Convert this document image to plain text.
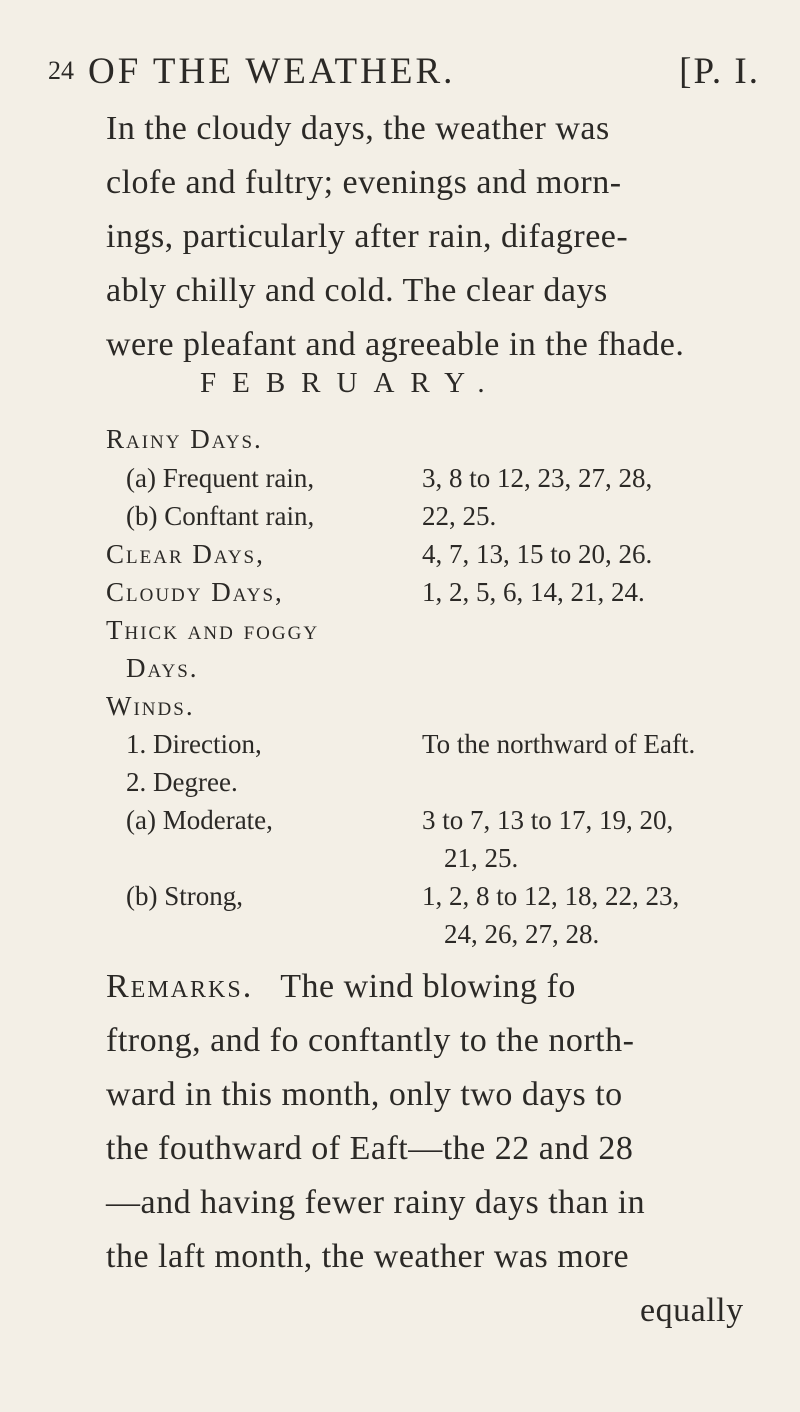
24 OF THE WEATHER.	[P. I.
In the cloudy days, the weather was
clofe and fultry; evenings and morn-
ings, particularly after rain, difagree-
ably chilly and cold. The clear days
were pleafant and agreeable in the fhade.
FEBRUARY.
Rainy Days.
(a) Frequent rain,	3, 8 to 12, 23, 27, 28,
(b) Conftant rain,	22, 25.
Clear Days,	4, 7, 13, 15 to 20, 26.
Cloudy Days,	1, 2, 5, 6, 14, 21, 24.
Thick and foggy
Days.
Winds.
1. Direction,	To the northward of Eaft.
2. Degree.
(a) Moderate,	3 to 7, 13 to 17, 19, 20,
21, 25.
(b) Strong,	1, 2, 8 to 12, 18, 22, 23,
24, 26, 27, 28.
Remarks. The wind blowing fo
ftrong, and fo conftantly to the north-
ward in this month, only two days to
the fouthward of Eaft—the 22 and 28
—and having fewer rainy days than in
the laft month, the weather was more
equally
